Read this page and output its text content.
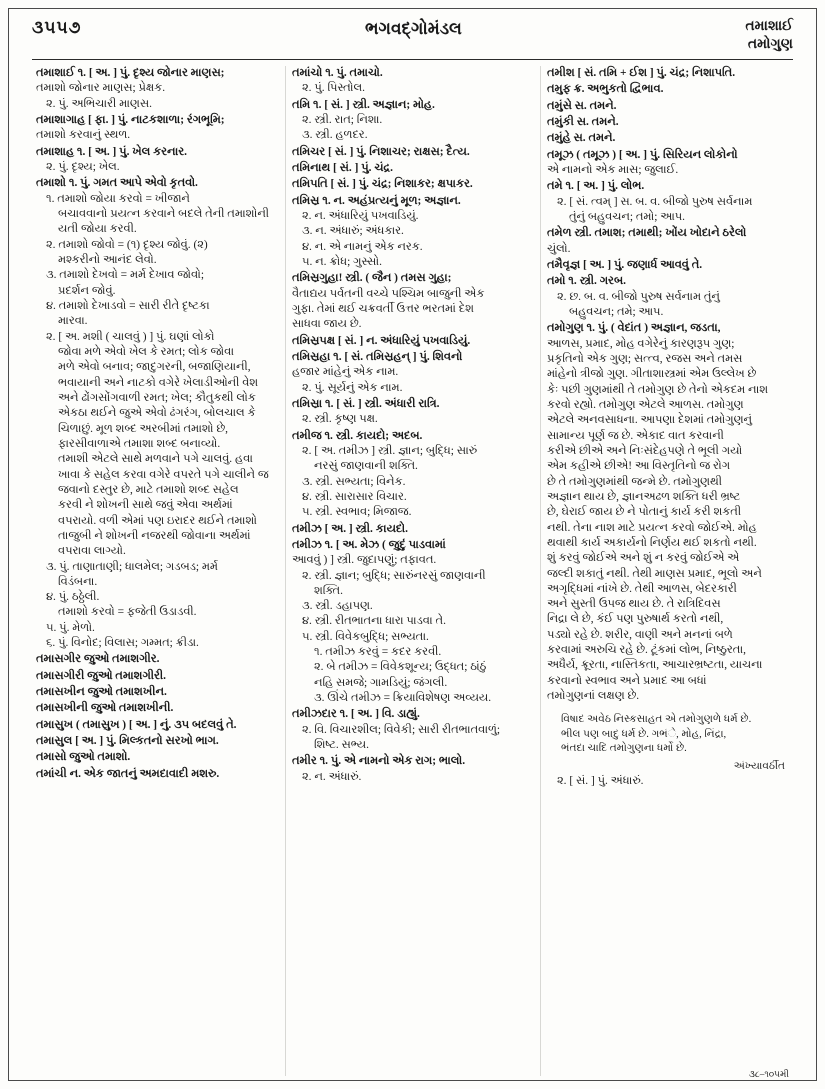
૩૫૫૭	ભગવદ્ગોમંડલ	તમાશાઈ
તમોગુણ
તમાશાઈ ૧. [ અ. ] પું. દૃશ્ય જોનાર માણસ;
તમાશો જોનાર માણસ; પ્રેક્ષક.
૨. પું. અભિચારી માણસ.
તમાશાગાહ [ ફા. ] પું. નાટકશાળા; રંગભૂમિ;
તમાશો કરવાનું સ્થળ.
તમાશાહ ૧. [ અ. ] પું. ખેલ કરનાર.
૨. પું. દૃશ્ય; ખેલ.
તમાશો ૧. પું. ગમત આપે એવો કૃતવો.
૧. તમાશો જોયા કરવો = ખીજાને
બચાવવાનો પ્રયત્ન કરવાને બદલે તેની તમાશોની
યતી જોયા કરવી.
૨. તમાશો જોવો = (૧) દૃશ્ય જોવું. (૨)
મશ્કરીનો આનંદ લેવો.
૩. તમાશો દેખવો = મર્મ દેખાવ જોવો;
પ્રદર્શન જોવું.
૪. તમાશો દેખાડવો = સારી રીતે દૃષ્ટકા
મારવા.
૨. [ અ. મશી ( ચાલવું ) ] પું. ઘણાં લોકો
જોવા મળે એવો ખેલ કે રમત; લોક જોવા
મળે એવો બનાવ; જાદુગરની, બજાણિયાની,
ભવાયાની અને નાટકો વગેરે ખેલાડીઓની વેશ
અને ઢોંગસોંગવાળી રમત; ખેલ; કૌતુકથી લોક
એકઠા થઈને જુએ એવો ઢંગરંગ, બોલચાલ કે
ચિળાછું. મૂળ શબ્દ અરબીમાં તમાશો છે,
ફારસીવાળાએ તમાશા શબ્દ બનાવ્યો.
તમાશી એટલે સાથે મળવાને પગે ચાલવું. હવા
ખાવા કે સહેલ કરવા વગેરે વપરતે પગે ચાલીને જ
જવાનો દસ્તુર છે, માટે તમાશો શબ્દ સહેલ
કરવી ને શોખની સાથે જવું એવા અર્થમાં
વપરાયો. વળી એમાં પણ ઇરાદર થઈને તમાશો
તાજુબી ને શોખની નજરથી જોવાના અર્થમાં
વપરાવા લાગ્યો.
૩. પું. તાણાતાણી; ધાલમેલ; ગડબડ; મર્મ
વિડંબના.
૪. પું. ઠઠ્ઠેલી.
તમાશો કરવો = ફજેતી ઉડાડવી.
૫. પું. મેળો.
૬. પું. વિનોદ; વિલાસ; ગમ્મત; ક્રીડા.
તમાસગીર જુઓ તમાશગીર.
તમાસગીરી જુઓ તમાશગીરી.
તમાસખીન જુઓ તમાશખીન.
તમાસખીની જુઓ તમાશખીની.
તમાસુખ ( તમાસુખ ) [ અ. ] નું. ૩૫ બદલવું તે.
તમાસુલ [ અ. ] પું. મિલ્કતનો સરખો ભાગ.
તમાસો જુઓ તમાશો.
તમાંચી ન. એક જાતનું અમદાવાદી મશરુ.
તમાંચો ૧. પું. તમાચો.
૨. પું. પિસ્તોલ.
તમિ ૧. [ સં. ] સ્ત્રી. અજ્ઞાન; મોહ.
૨. સ્ત્રી. રાત; નિશા.
૩. સ્ત્રી. હળદર.
તમિચર [ સં. ] પું. નિશાચર; રાક્ષસ; દૈત્ય.
તમિનાથ [ સં. ] પું. ચંદ્ર.
તમિપતિ [ સં. ] પું. ચંદ્ર; નિશાકર; ક્ષપાકર.
તમિસ્ર ૧. ન. અહંપ્રત્યનું મૂળ; અજ્ઞાન.
૨. ન. અંધારિયું પખવાડિયું.
૩. ન. અંધારું; અંધકાર.
૪. ન. એ નામનું એક નરક.
૫. ન. ક્રોધ; ગુસ્સો.
તમિસ્રગુહા! સ્ત્રી. ( જૈન ) તમસ ગુહા;
વૈતાદ્યય પર્વતની વચ્ચે પશ્ચિમ બાજુની એક
ગુફા. તેમાં થઈ ચક્રવર્તી ઉત્તર ભરતમાં દેશ
સાધવા જાય છે.
તમિસ્રપક્ષ [ સં. ] ન. અંધારિયું પખવાડિયું.
તમિસ્રહા ૧. [ સં. તમિસ્રહન્ ] પું. શિવનો
હજાર માંહેનું એક નામ.
૨. પું. સૂર્યનું એક નામ.
તમિસ્રા ૧. [ સં. ] સ્ત્રી. અંધારી રાત્રિ.
૨. સ્ત્રી. કૃષ્ણ પક્ષ.
તમીજ ૧. સ્ત્રી. કાયદો; અદબ.
૨. [ અ. તમીઝ ] સ્ત્રી. જ્ઞાન; બુદ્ધિ; સારું
નરસું જાણવાની શક્તિ.
૩. સ્ત્રી. સભ્યતા; વિનેક.
૪. સ્ત્રી. સારાસાર વિચાર.
૫. સ્ત્રી. સ્વભાવ; મિજાજ.
તમીઝ [ અ. ] સ્ત્રી. કાયદો.
તમીઝ ૧. [ અ. મેઝ ( જુદું પાડવામાં
આવવું ) ] સ્ત્રી. જુદાપણું; તફાવત.
૨. સ્ત્રી. જ્ઞાન; બુદ્ધિ; સારુંનરસું જાણવાની
શક્તિ.
૩. સ્ત્રી. ડહાપણ.
૪. સ્ત્રી. રીતભાતના ધારા પાડવા તે.
૫. સ્ત્રી. વિવેકબુદ્ધિ; સભ્યતા.
૧. તમીઝ કરવું = કદર કરવી.
૨. બે તમીઝ = વિવેકશૂન્ય; ઉદ્ધત; ઠાંઠું
નહિ સમજે; ગામડિયું; જંગલી.
૩. ઊંચે તમીઝ = ક્રિયાવિશેષણ અવ્યય.
તમીઝદાર ૧. [ અ. ] વિ. ડાહ્યું.
૨. વિ. વિચારશીલ; વિવેકી; સારી રીતભાતવાળું;
શિષ્ટ. સભ્ય.
તમીર ૧. પું. એ નામનો એક રાગ; ભાલો.
૨. ન. અંધારું.
તમીશ [ સં. તમિ + ઈશ ] પું. ચંદ્ર; નિશાપતિ.
તમુફ ક્ર. અભુકતો દ્વિભાવ.
તમુંસે સ. તમને.
તમુંકી સ. તમને.
તમુંહે સ. તમને.
તમૂઝ ( તમૂઝ ) [ અ. ] પું. સિરિયન લોકોનો
એ નામનો એક માસ; જુલાઈ.
તમે ૧. [ અ. ] પું. લોભ.
૨. [ સં. ત્વમ્ ] સ. બ. વ. બીજો પુરુષ સર્વનામ
તુંનું બહુવચન; તમો; આપ.
તમેળ સ્ત્રી. તમાશ; તમાથી; ખોંય ખોદાને ઠરેલો
ચુંલો.
તમૈવૃજ્ઞ [ અ. ] પું. જણાર્ધ આવવું તે.
તમો ૧. સ્ત્રી. ગરબ.
૨. છ. બ. વ. બીજો પુરુષ સર્વનામ તુંનું
બહુવચન; તમે; આપ.
તમોગુણ ૧. પું. ( વેદાંત ) અજ્ઞાન, જડતા,
આળસ, પ્રમાદ, મોહ વગેરેનું કારણરૂપ ગુણ;
પ્રકૃતિનો એક ગુણ; સત્ત્વ, રજસ અને તમસ
માંહેનો ત્રીજો ગુણ. ગીતાશાસ્ત્રમાં એમ ઉલ્લેખ છે
કેઃ પછી ગુણમાંથી તે તમોગુણ છે તેનો એકદમ નાશ
કરવો રહ્યો. તમોગુણ એટલે આળસ. તમોગુણ
એટલે અનવસાધના. આપણા દેશમાં તમોગુણનું
સામાન્ય પૂર્ણ જ છે. એકાદ વાત કરવાની
કરીએ છીએ અને નિઃસંદેહપણે તે ભૂલી ગયો
એમ કહીએ છીએ! આ વિસ્તૃતિનો જ રોગ
છે તે તમોગુણમાંથી જન્મે છે. તમોગુણથી
અજ્ઞાન થાય છે, જ્ઞાનઅઢળ શક્તિ ધરી ભ્રષ્ટ
છે, ઘેરાઈ જાય છે ને પોતાનું કાર્ય કરી શકતી
નથી. તેના નાશ માટે પ્રયત્ન કરવો જોઈએ. મોહ
થવાથી કાર્ય અકાર્યનો નિર્ણય થઈ શકતો નથી.
શું કરવું જોઈએ અને શું ન કરવું જોઈએ એ
જલ્દી શકાતું નથી. તેથી માણસ પ્રમાદ, ભૂલો અને
અગૃદ્ધિમાં નાંખે છે. તેથી આળસ, બેદરકારી
અને સુસ્તી ઉપજ થાય છે. તે રાત્રિદિવસ
નિદ્રા લે છે, કંઈ પણ પુરુષાર્થ કરતો નથી,
પડ્યો રહે છે. શરીર, વાણી અને મનનાં બળે
કરવામાં અરુચિ રહે છે. ટૂંકમાં લોભ, નિષ્ઠુરતા,
અધૈર્ય, ક્રૂરતા, નાસ્તિકતા, આચારભ્રષ્ટતા, યાચના
કરવાનો સ્વભાવ અને પ્રમાદ આ બધાં
તમોગુણનાં લક્ષણ છે.
વિષાદ અવેઠ નિસ્કસાહત એ તમોગુણળે ધર્મ છે.
ભીલ પણ બાદુ ધર્મ છે. ગભંે, મોહ, નિંદ્રા,
ભંતદા ચાદિ તમોગુણના ધર્મો છે.
અંખ્યાવર્ઠીત
૨. [ સં. ] પું. અંધારું.
૩૮–૧૦૫મી
